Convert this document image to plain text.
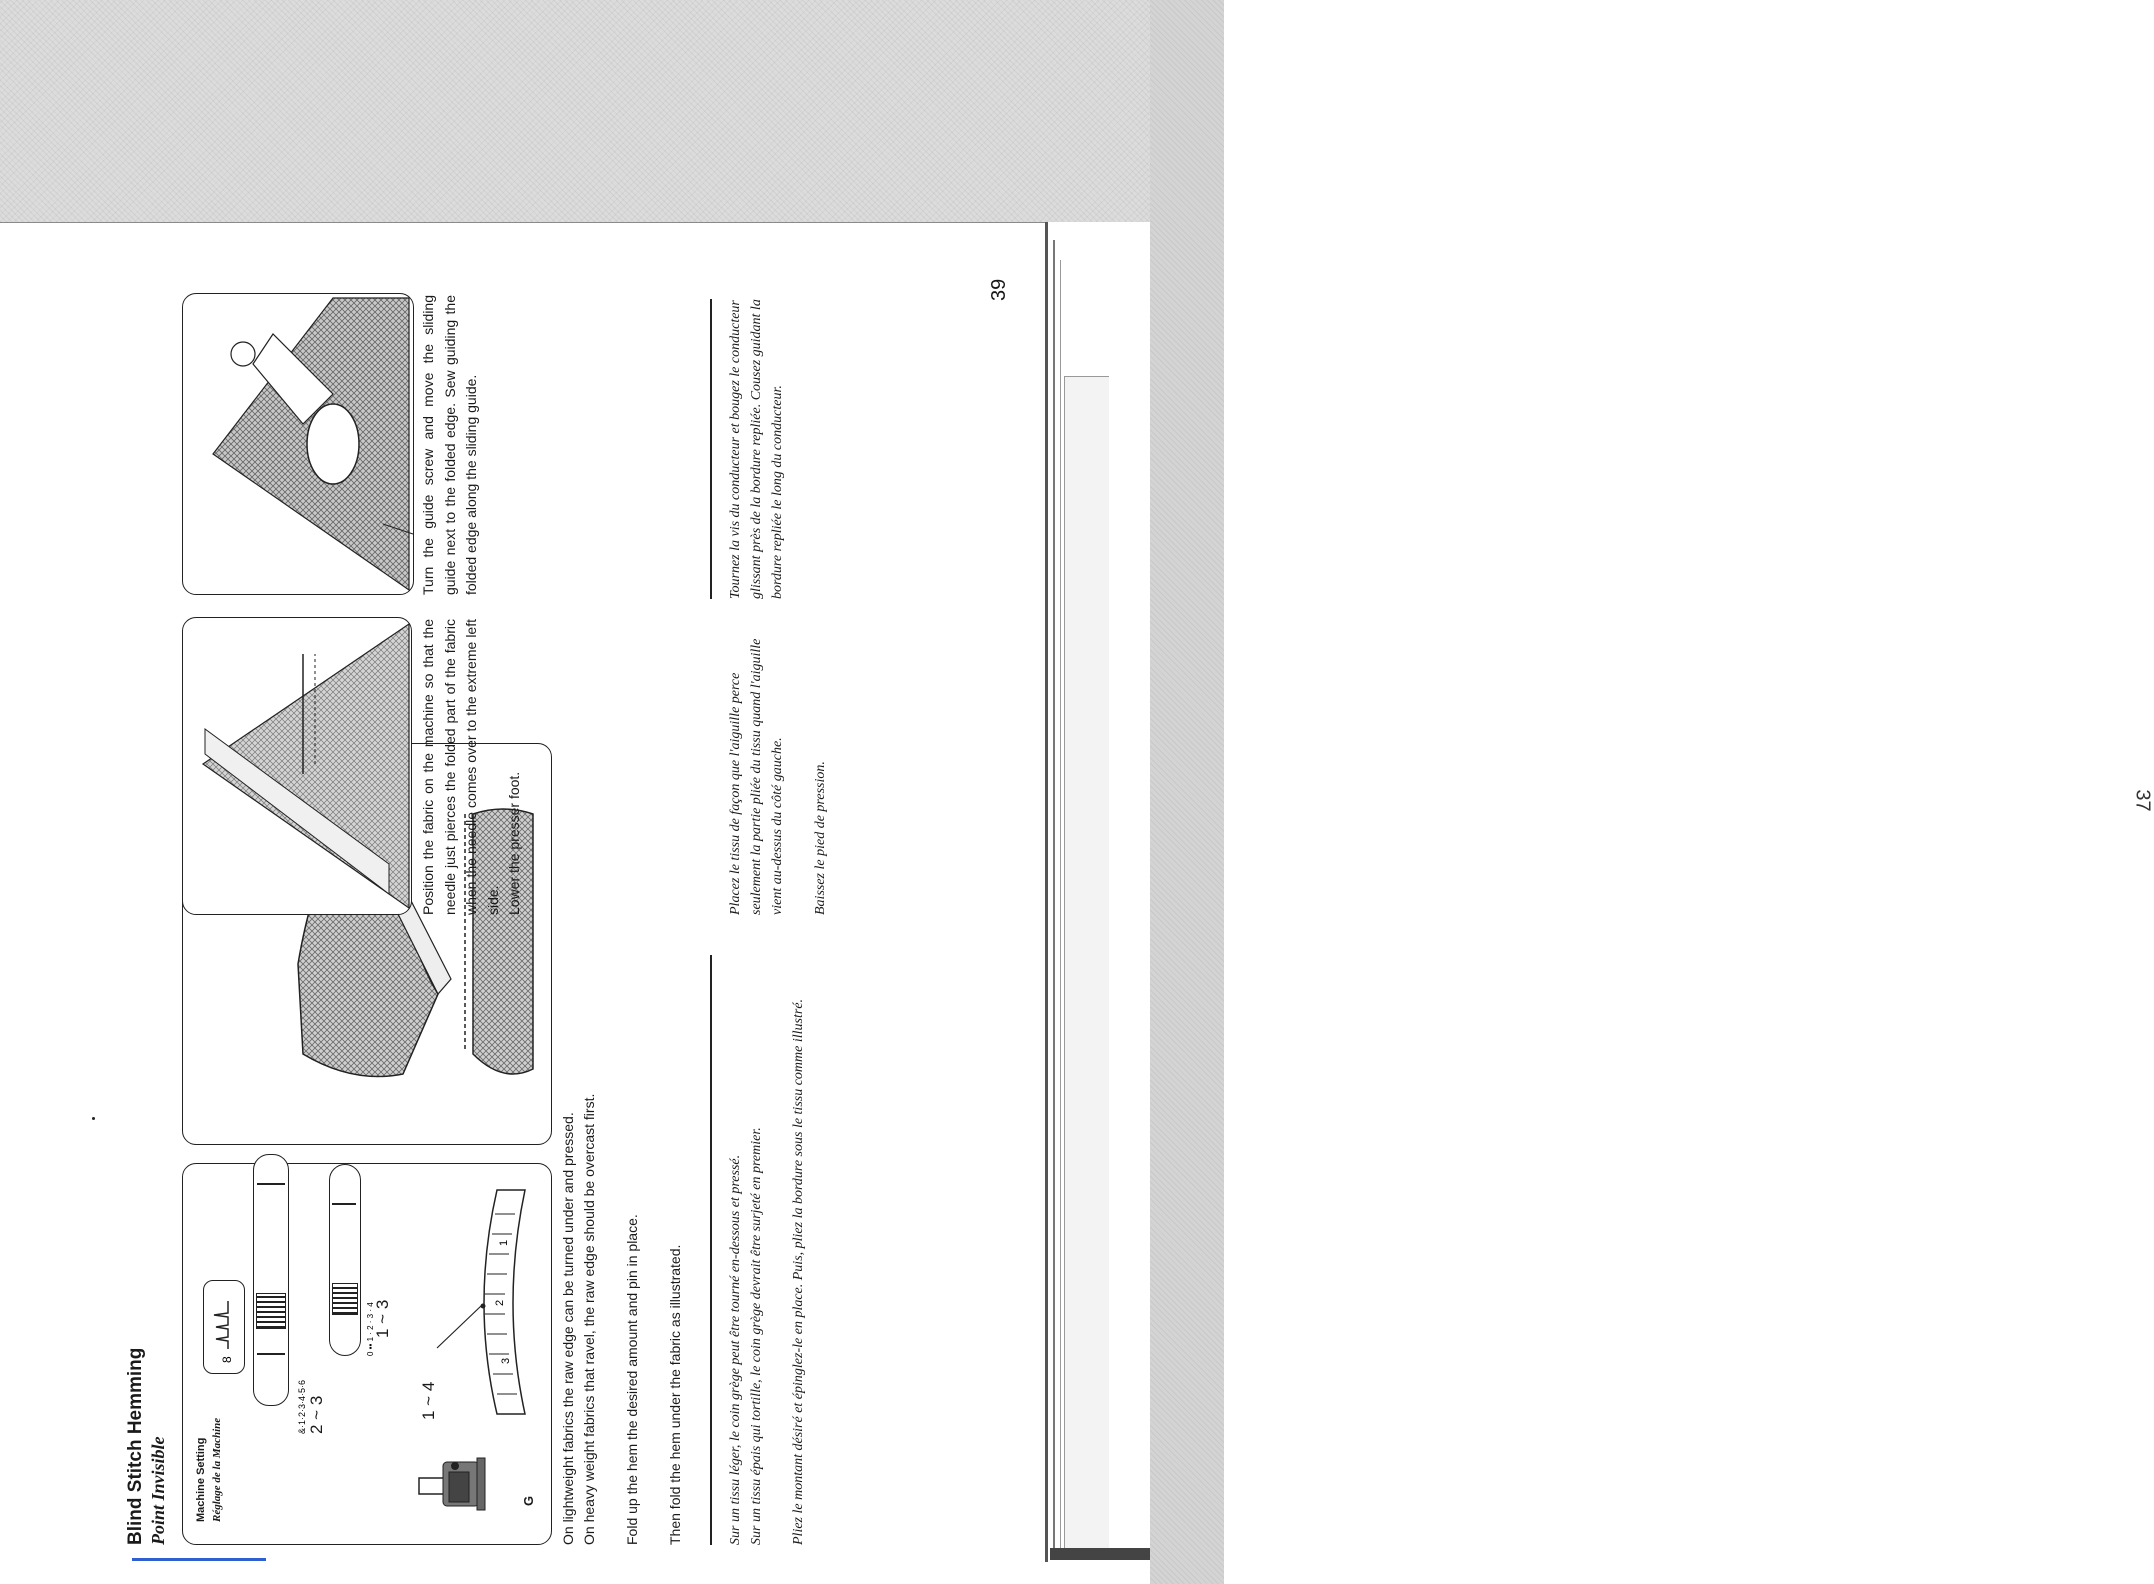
37
Blind Stitch Hemming Point Invisible Machine Setting Réglage de la Machine
8
&·1·2·3·4·5·6 2 ~ 3
0 ▪▪ 1 · 2 · 3 · 4
1 ~ 3
1 ~ 4
G
3
2
1	On lightweight fabrics the raw edge can be turned under and pressed. On heavy weight fabrics that ravel, the raw edge should be overcast first. Fold up the hem the desired amount and pin in place. Then fold the hem under the fabric as illustrated.
Position the fabric on the machine so that the needle just pierces the folded part of the fabric when the needle comes over to the extreme left side. Lower the presser foot.
Turn the guide screw and move the sliding guide next to the folded edge. Sew guiding the folded edge along the sliding guide.
Sur un tissu léger, le coin grège peut être tourné en-dessous et pressé. Sur un tissu épais qui tortille, le coin grège devrait être surjeté en premier. Pliez le montant désiré et épinglez-le en place. Puis, pliez la bordure sous le tissu comme illustré.
Placez le tissu de façon que l'aiguille perce seulement la partie pliée du tissu quand l'aiguille vient au-dessus du côté gauche. Baissez le pied de pression.
Tournez la vis du conducteur et bougez le conducteur glissant près de la bordure repliée. Cousez guidant la bordure repliée le long du conducteur.
39
